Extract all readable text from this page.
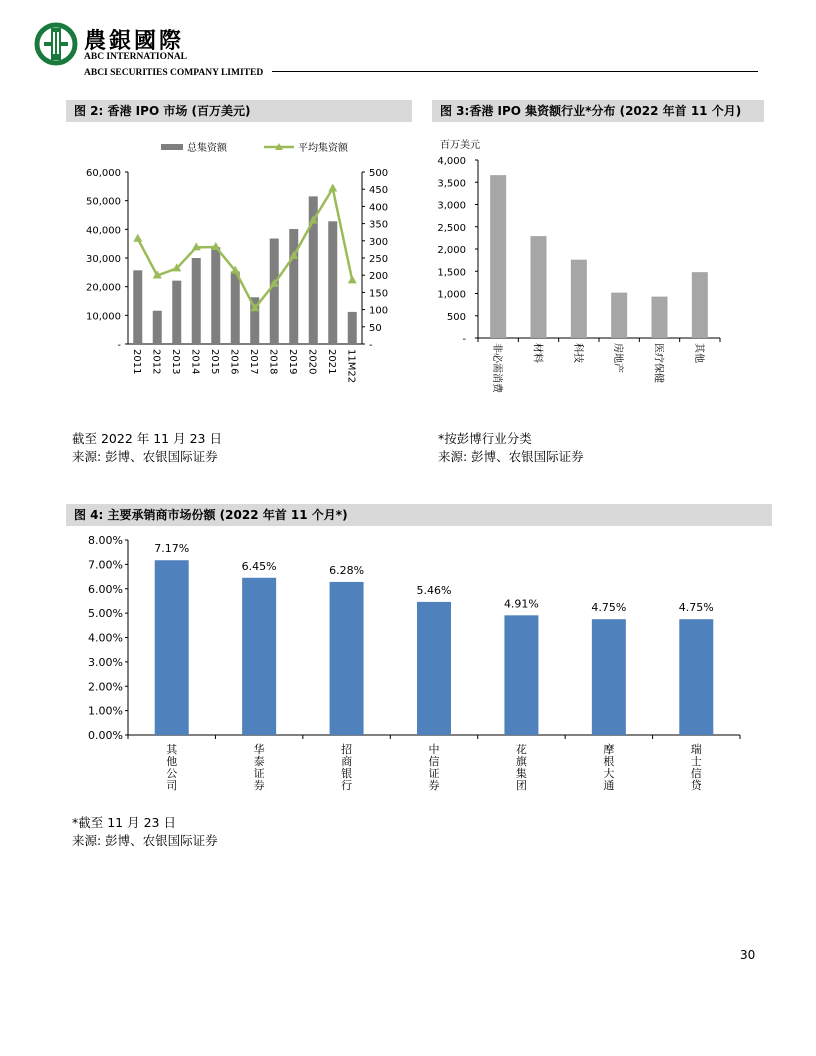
農銀國際
ABC INTERNATIONAL
ABCI SECURITIES COMPANY LIMITED
图 2: 香港 IPO 市场 (百万美元)
总集资额	平均集资额
-
10,000
20,000
30,000
40,000
50,000
60,000
-
50
100
150
200
250
300
350
400
450
500
2011 2012 2013 2014 2015 2016 2017 2018 2019 2020 2021 11M22
截至 2022 年 11 月 23 日
来源: 彭博、农银国际证券
图 3:香港 IPO 集资额行业*分布 (2022 年首 11 个月)
百万美元
-
500
1,000
1,500
2,000
2,500
3,000
3,500
4,000
非必需消费	材料	科技	房地产	医疗保健	其他
*按彭博行业分类
来源: 彭博、农银国际证券
图 4: 主要承销商市场份额 (2022 年首 11 个月*)
0.00%
1.00%
2.00%
3.00%
4.00%
5.00%
6.00%
7.00%
8.00%
7.17%
其他公司
6.45%
华泰证券
6.28%
招商银行
5.46%
中信证券
4.91%
花旗集团
4.75%
摩根大通
4.75%
瑞士信贷
*截至 11 月 23 日
来源: 彭博、农银国际证券
30
